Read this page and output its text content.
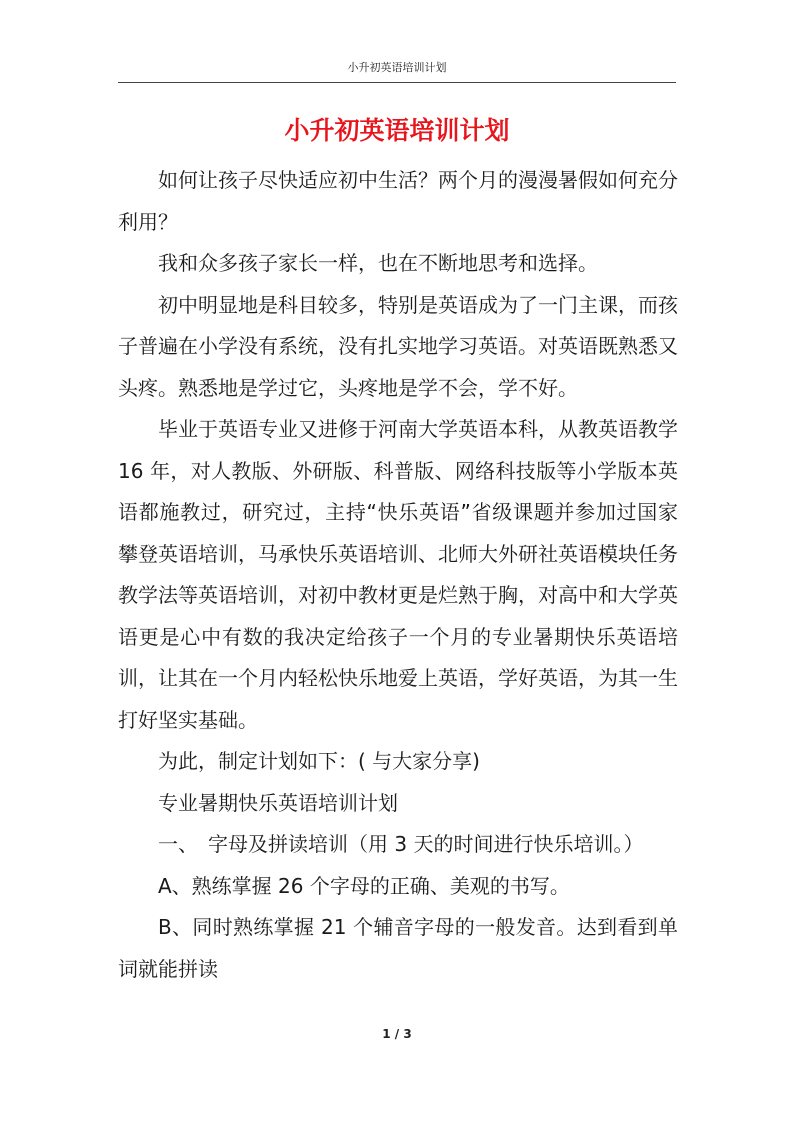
小升初英语培训计划
小升初英语培训计划

如何让孩子尽快适应初中生活？两个月的漫漫暑假如何充分利用？

我和众多孩子家长一样，也在不断地思考和选择。

初中明显地是科目较多，特别是英语成为了一门主课，而孩子普遍在小学没有系统，没有扎实地学习英语。对英语既熟悉又头疼。熟悉地是学过它，头疼地是学不会，学不好。

毕业于英语专业又进修于河南大学英语本科，从教英语教学 16 年，对人教版、外研版、科普版、网络科技版等小学版本英语都施教过，研究过，主持“快乐英语”省级课题并参加过国家攀登英语培训，马承快乐英语培训、北师大外研社英语模块任务教学法等英语培训，对初中教材更是烂熟于胸，对高中和大学英语更是心中有数的我决定给孩子一个月的专业暑期快乐英语培训，让其在一个月内轻松快乐地爱上英语，学好英语，为其一生打好坚实基础。

为此，制定计划如下：( 与大家分享)

专业暑期快乐英语培训计划

一、　字母及拼读培训（用 3 天的时间进行快乐培训。）

A、熟练掌握 26 个字母的正确、美观的书写。

B、同时熟练掌握 21 个辅音字母的一般发音。达到看到单词就能拼读

1 / 3
